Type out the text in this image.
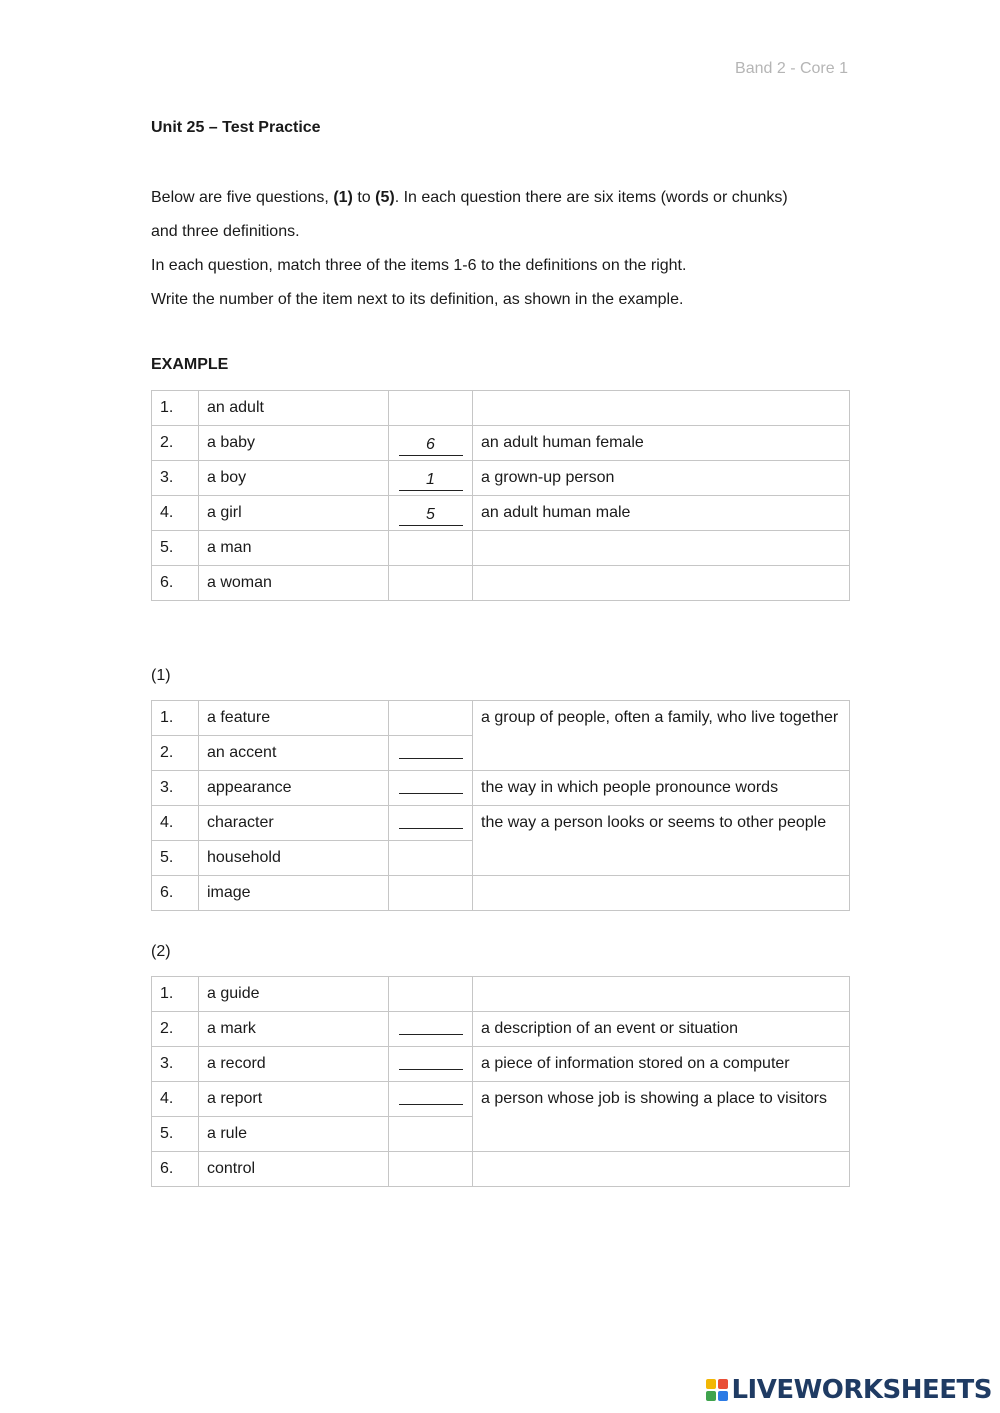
Band 2 - Core 1
Unit 25 – Test Practice

Below are five questions, (1) to (5). In each question there are six items (words or chunks)

and three definitions.

In each question, match three of the items 1-6 to the definitions on the right.

Write the number of the item next to its definition, as shown in the example.

EXAMPLE
1.	an adult		
2.	a baby	6	an adult human female
3.	a boy	1	a grown-up person
4.	a girl	5	an adult human male
5.	a man		
6.	a woman		
(1)
1.	a feature		a group of people, often a family, who live together
2.	an accent		
3.	appearance		the way in which people pronounce words
4.	character		the way a person looks or seems to other people
5.	household		
6.	image		
(2)
1.	a guide		
2.	a mark		a description of an event or situation
3.	a record		a piece of information stored on a computer
4.	a report		a person whose job is showing a place to visitors
5.	a rule		
6.	control		
LIVEWORKSHEETS
